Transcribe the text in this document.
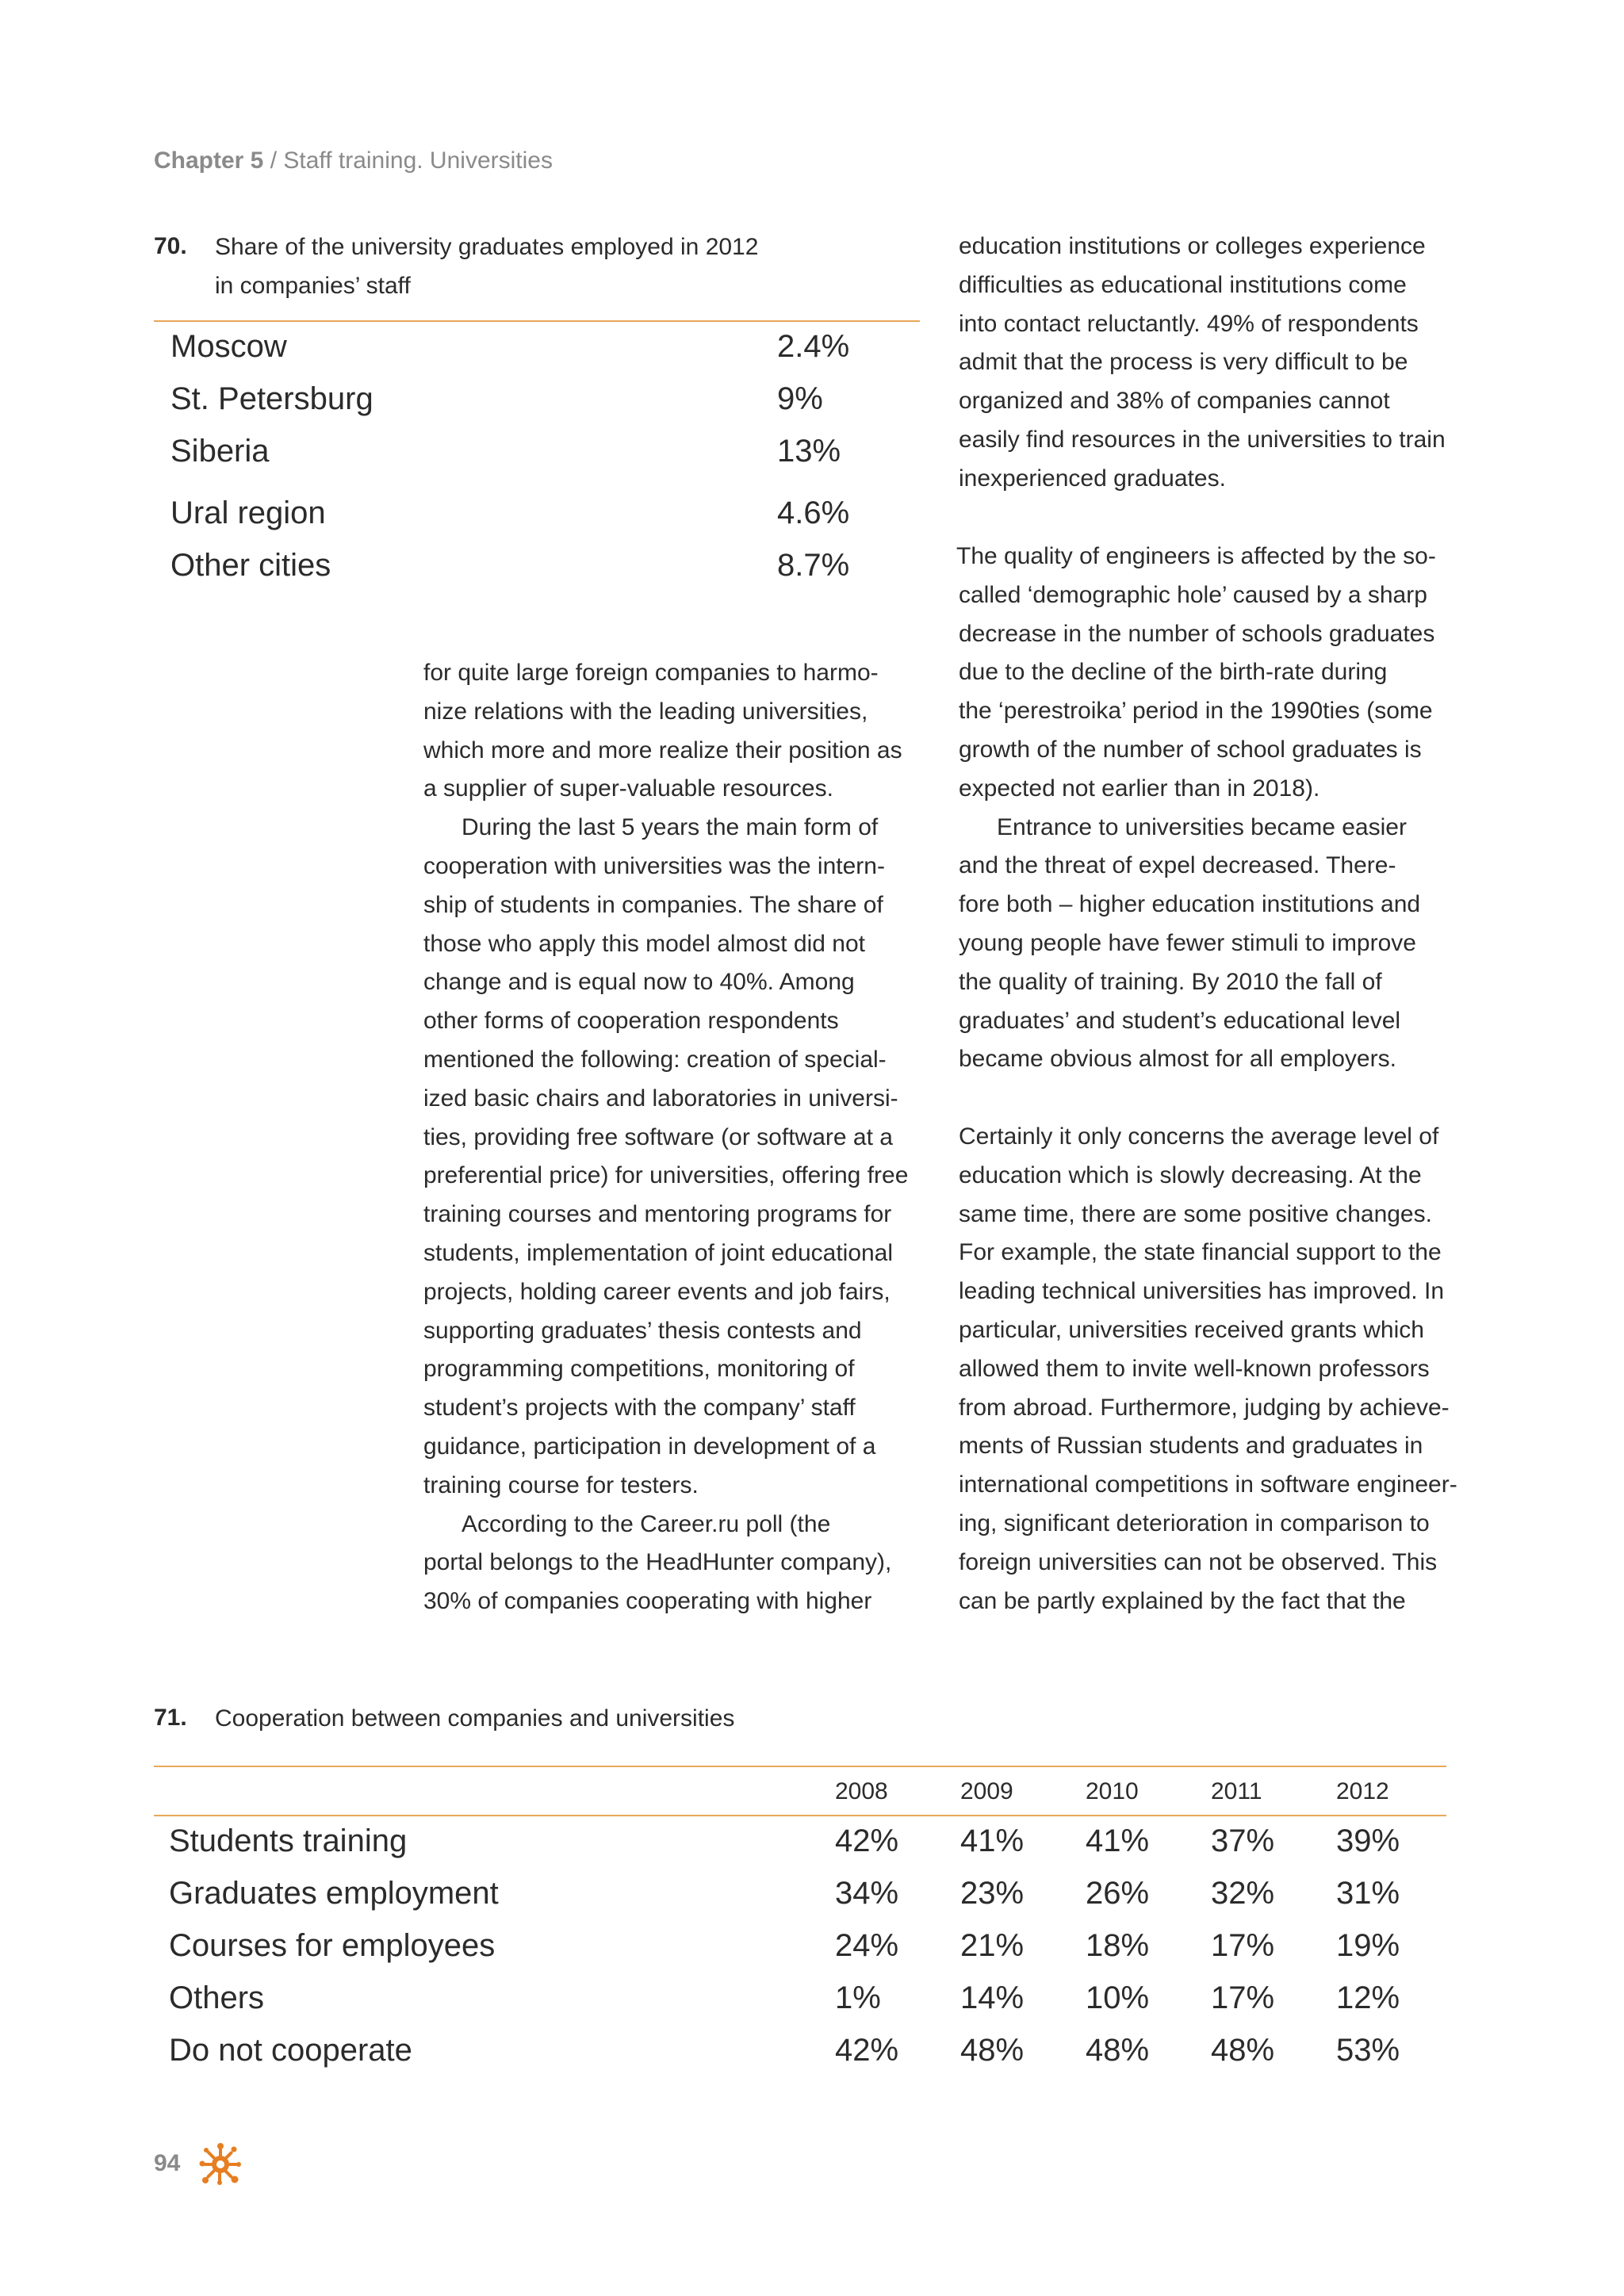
Chapter 5 / Staff training. Universities
70. Share of the university graduates employed in 2012
in companies’ staff
Moscow	2.4%
St. Petersburg	9%
Siberia	13%
Ural region	4.6%
Other cities	8.7%
for quite large foreign companies to harmo-
nize relations with the leading universities,
which more and more realize their position as
a supplier of super-valuable resources.
During the last 5 years the main form of
cooperation with universities was the intern-
ship of students in companies. The share of
those who apply this model almost did not
change and is equal now to 40%. Among
other forms of cooperation respondents
mentioned the following: creation of special-
ized basic chairs and laboratories in universi-
ties, providing free software (or software at a
preferential price) for universities, offering free
training courses and mentoring programs for
students, implementation of joint educational
projects, holding career events and job fairs,
supporting graduates’ thesis contests and
programming competitions, monitoring of
student’s projects with the company’ staff
guidance, participation in development of a
training course for testers.
According to the Career.ru poll (the
portal belongs to the HeadHunter company),
30% of companies cooperating with higher
education institutions or colleges experience
difficulties as educational institutions come
into contact reluctantly. 49% of respondents
admit that the process is very difficult to be
organized and 38% of companies cannot
easily find resources in the universities to train
inexperienced graduates.
The quality of engineers is affected by the so-
called ‘demographic hole’ caused by a sharp
decrease in the number of schools graduates
due to the decline of the birth-rate during
the ‘perestroika’ period in the 1990ties (some
growth of the number of school graduates is
expected not earlier than in 2018).
Entrance to universities became easier
and the threat of expel decreased. There-
fore both – higher education institutions and
young people have fewer stimuli to improve
the quality of training. By 2010 the fall of
graduates’ and student’s educational level
became obvious almost for all employers.
Certainly it only concerns the average level of
education which is slowly decreasing. At the
same time, there are some positive changes.
For example, the state financial support to the
leading technical universities has improved. In
particular, universities received grants which
allowed them to invite well-known professors
from abroad. Furthermore, judging by achieve-
ments of Russian students and graduates in
international competitions in software engineer-
ing, significant deterioration in comparison to
foreign universities can not be observed. This
can be partly explained by the fact that the
71. Cooperation between companies and universities
2008	2009	2010	2011	2012
Students training	42% 41% 41% 37% 39%
Graduates employment	34% 23% 26% 32% 31%
Courses for employees	24% 21% 18% 17% 19%
Others	1%	14% 10% 17% 12%
Do not cooperate	42% 48% 48% 48% 53%
94
